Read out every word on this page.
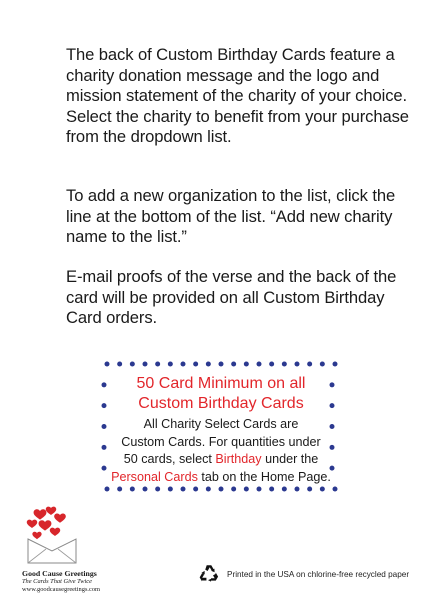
The back of Custom Birthday Cards feature a charity donation message and the logo and mission statement of the charity of your choice. Select the charity to benefit from your purchase from the dropdown list.
To add a new organization to the list, click the line at the bottom of the list. “Add new charity name to the list.”
E-mail proofs of the verse and the back of the card will be provided on all Custom Birthday Card orders.
50 Card Minimum on all
Custom Birthday Cards
All Charity Select Cards are
Custom Cards. For quantities under
50 cards, select Birthday under the
Personal Cards tab on the Home Page.
Good Cause Greetings
The Cards That Give Twice
www.goodcausegreetings.com
Printed in the USA on chlorine-free recycled paper
